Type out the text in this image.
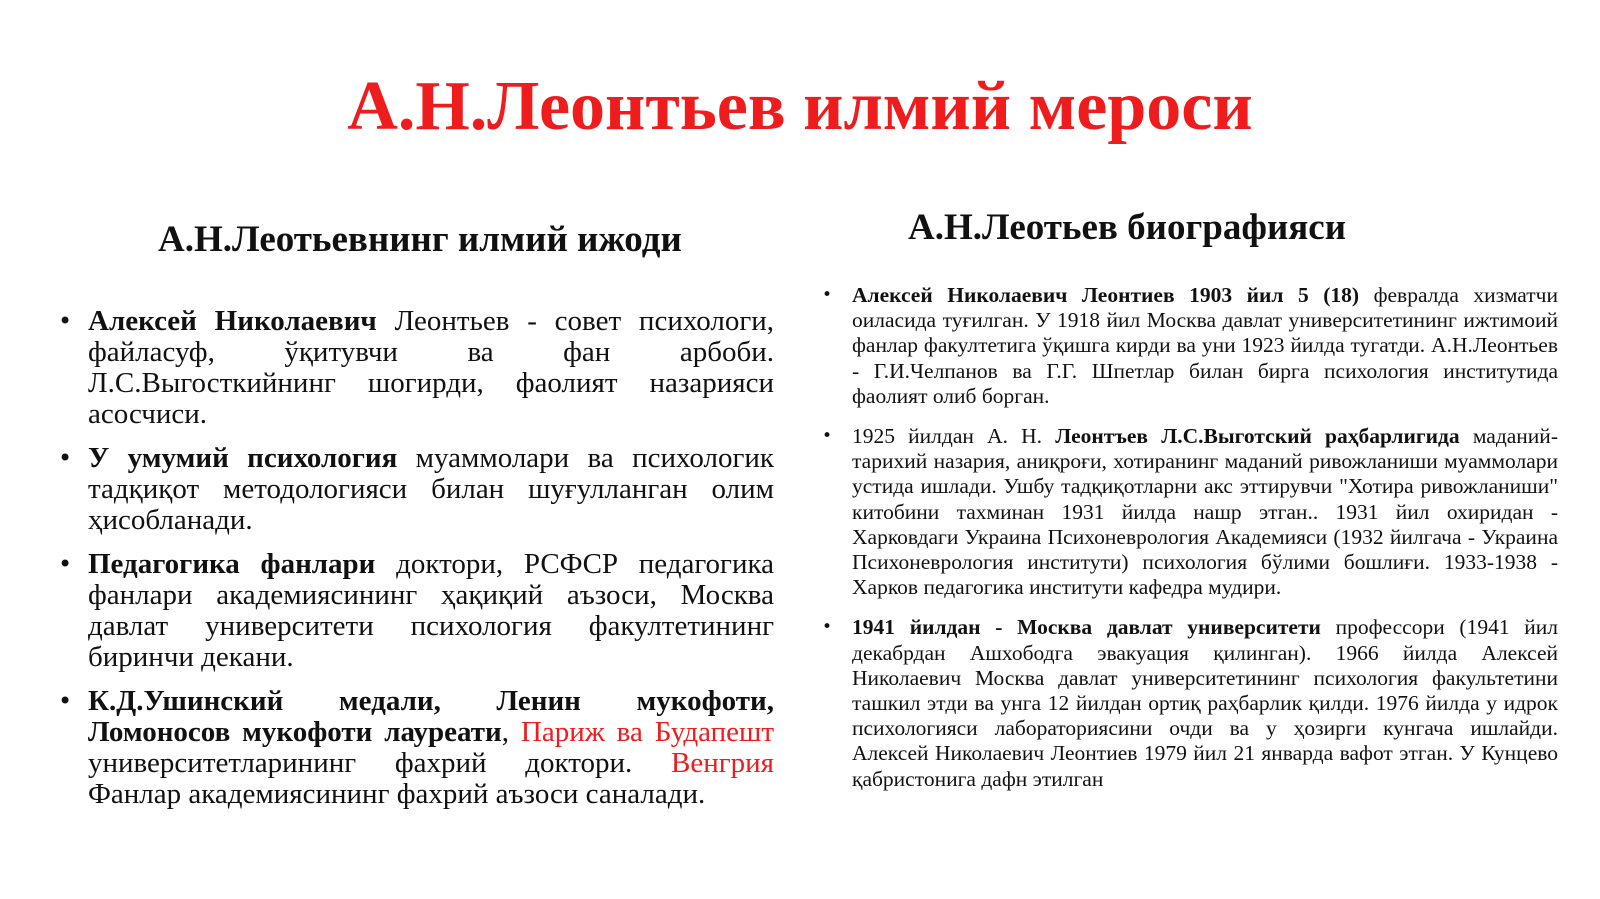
А.Н.Леонтьев илмий мероси
А.Н.Леотьевнинг илмий ижоди
• Алексей Николаевич Леонтьев - совет психологи, файласуф, ўқитувчи ва фан арбоби. Л.С.Выгосткийнинг шогирди, фаолият назарияси асосчиси.
• У умумий психология муаммолари ва психологик тадқиқот методологияси билан шуғулланган олим ҳисобланади.
• Педагогика фанлари доктори, РСФСР педагогика фанлари академиясининг ҳақиқий аъзоси, Москва давлат университети психология факултетининг биринчи декани.
• К.Д.Ушинский медали, Ленин мукофоти, Ломоносов мукофоти лауреати, Париж ва Будапешт университетларининг фахрий доктори. Венгрия Фанлар академиясининг фахрий аъзоси саналади.
А.Н.Леотьев биографияси
• Алексей Николаевич Леонтиев 1903 йил 5 (18) февралда хизматчи оиласида туғилган. У 1918 йил Москва давлат университетининг ижтимоий фанлар факултетига ўқишга кирди ва уни 1923 йилда тугатди. А.Н.Леонтьев - Г.И.Челпанов ва Г.Г. Шпетлар билан бирга психология институтида фаолият олиб борган.
• 1925 йилдан А. Н. Леонтъев Л.С.Выготский раҳбарлигида маданий-тарихий назария, аниқроғи, хотиранинг маданий ривожланиши муаммолари устида ишлади. Ушбу тадқиқотларни акс эттирувчи "Хотира ривожланиши" китобини тахминан 1931 йилда нашр этган.. 1931 йил охиридан - Харковдаги Украина Психоневрология Академияси (1932 йилгача - Украина Психоневрология институти) психология бўлими бошлиғи. 1933-1938 - Харков педагогика институти кафедра мудири.
• 1941 йилдан - Москва давлат университети профессори (1941 йил декабрдан Ашхободга эвакуация қилинган). 1966 йилда Алексей Николаевич Москва давлат университетининг психология факультетини ташкил этди ва унга 12 йилдан ортиқ раҳбарлик қилди. 1976 йилда у идрок психологияси лабораториясини очди ва у ҳозирги кунгача ишлайди. Алексей Николаевич Леонтиев 1979 йил 21 январда вафот этган. У Кунцево қабристонига дафн этилган
